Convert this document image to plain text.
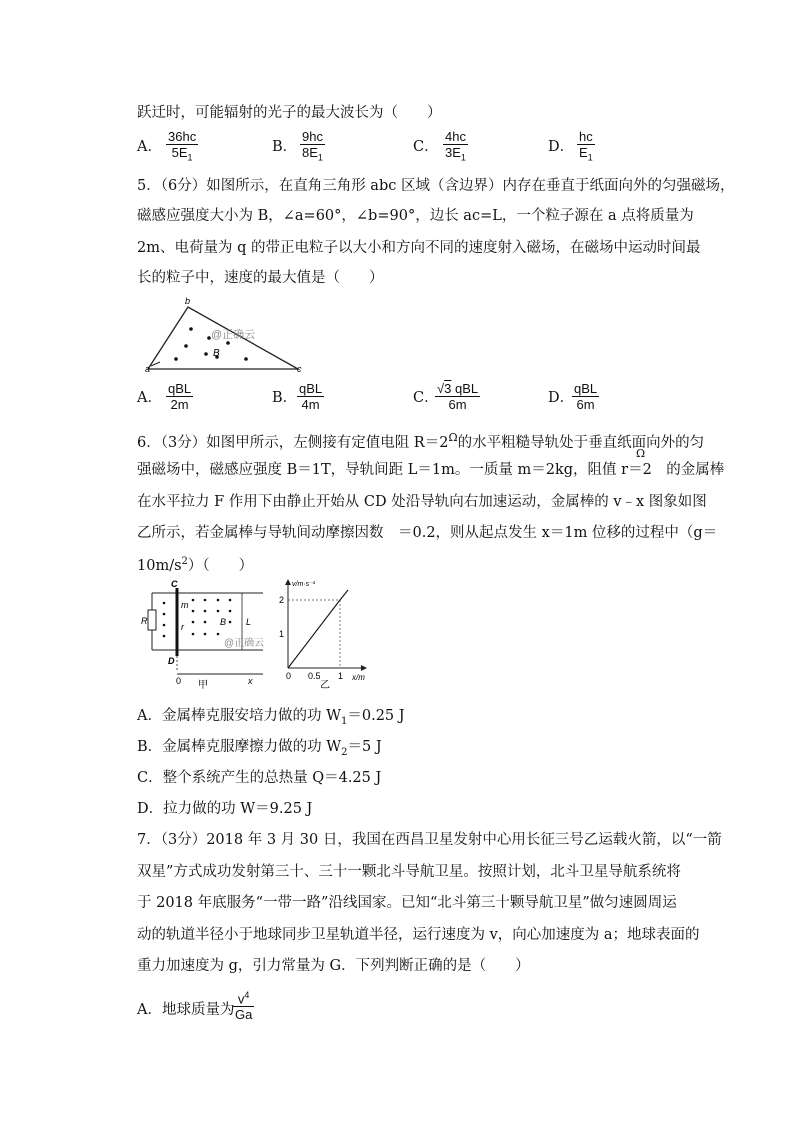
跃迁时，可能辐射的光子的最大波长为（　　）
A． $\frac{36hc}{5E_1}$	B． $\frac{9hc}{8E_1}$	C． $\frac{4hc}{3E_1}$	D． $\frac{hc}{E_1}$
5．（6分）如图所示，在直角三角形 abc 区域（含边界）内存在垂直于纸面向外的匀强磁场，
磁感应强度大小为 B，∠a=60°，∠b=90°，边长 ac=L，一个粒子源在 a 点将质量为
2m、电荷量为 q 的带正电粒子以大小和方向不同的速度射入磁场，在磁场中运动时间最
长的粒子中，速度的最大值是（　　）
a
b
c
B
@正确云
A．
qBL
2m	B．
qBL
4m	C．
√3 qBL
6m	D．
qBL
6m
6．（3分）如图甲所示，左侧接有定值电阻 $R=2^\Omega$的水平粗糙导轨处于垂直纸面向外的匀
强磁场中，磁感应强度 B＝1T，导轨间距 L＝1m。一质量 m＝2kg，阻值 r＝2　的金属棒
Ω
在水平拉力 F 作用下由静止开始从 CD 处沿导轨向右加速运动，金属棒的 v﹣x 图象如图
乙所示，若金属棒与导轨间动摩擦因数　＝0.2，则从起点发生 x＝1m 位移的过程中（g＝
$10m/s^2$）（　　）
C
D
R
m
r	B L
0	x
@正确云
甲
v/m·s⁻¹
x/m
2
1
0 0.5 1
乙
A．金属棒克服安培力做的功 $W_1=0.25$ J
B．金属棒克服摩擦力做的功 $W_2=5$ J
C．整个系统产生的总热量 Q＝4.25 J
D．拉力做的功 W＝9.25 J
7．（3分）2018 年 3 月 30 日，我国在西昌卫星发射中心用长征三号乙运载火箭，以“一箭
双星”方式成功发射第三十、三十一颗北斗导航卫星。按照计划，北斗卫星导航系统将
于 2018 年底服务“一带一路”沿线国家。已知“北斗第三十颗导航卫星”做匀速圆周运
动的轨道半径小于地球同步卫星轨道半径，运行速度为 v，向心加速度为 a；地球表面的
重力加速度为 g，引力常量为 G．下列判断正确的是（　　）
A．地球质量为
$\frac{v^4}{Ga}$
